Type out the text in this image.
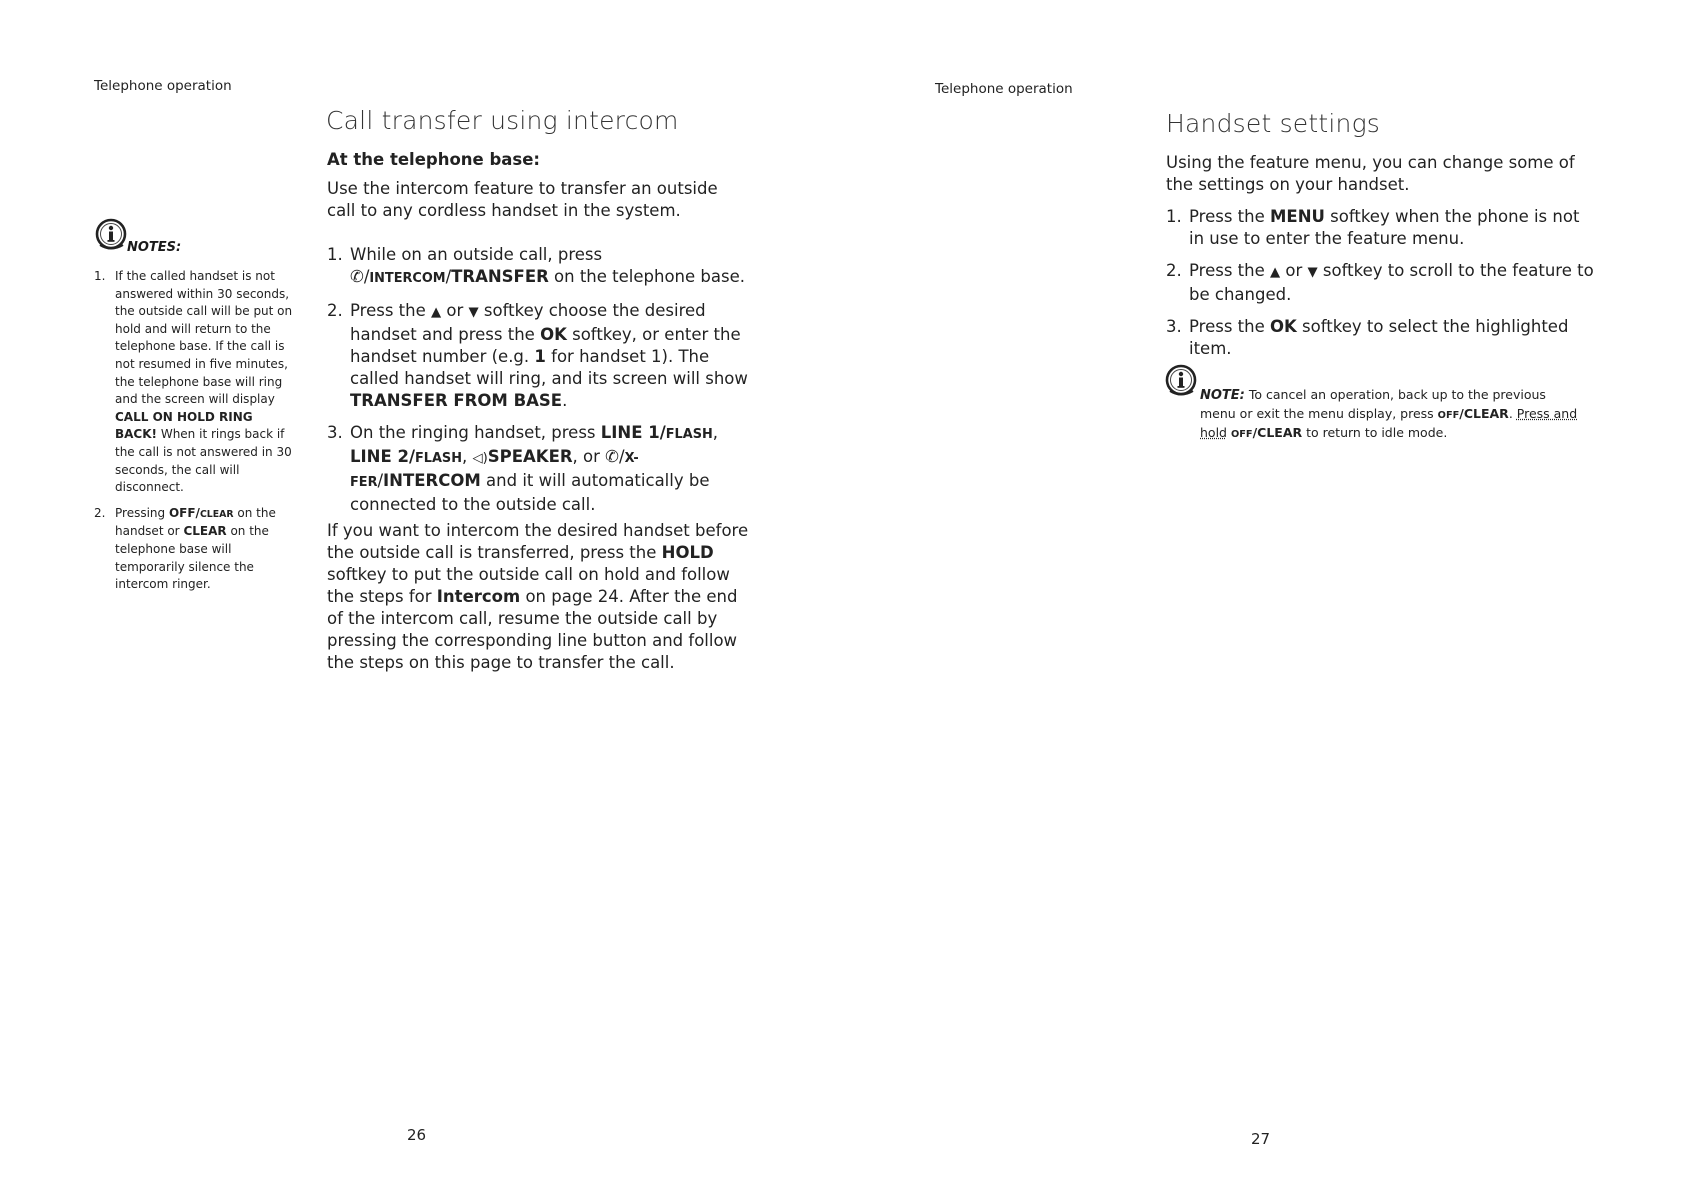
Telephone operation
Call transfer using intercom
At the telephone base:
Use the intercom feature to transfer an outside call to any cordless handset in the system.
1. While on an outside call, press ✆/INTERCOM/TRANSFER on the telephone base.
2. Press the ▲ or ▼ softkey choose the desired handset and press the OK softkey, or enter the handset number (e.g. 1 for handset 1). The called handset will ring, and its screen will show TRANSFER FROM BASE.
3. On the ringing handset, press LINE 1/FLASH, LINE 2/FLASH, ◁)SPEAKER, or ✆/X-FER/INTERCOM and it will automatically be connected to the outside call.
If you want to intercom the desired handset before the outside call is transferred, press the HOLD softkey to put the outside call on hold and follow the steps for Intercom on page 24. After the end of the intercom call, resume the outside call by pressing the corresponding line button and follow the steps on this page to transfer the call.
NOTES:
1. If the called handset is not answered within 30 seconds, the outside call will be put on hold and will return to the telephone base. If the call is not resumed in five minutes, the telephone base will ring and the screen will display CALL ON HOLD RING BACK! When it rings back if the call is not answered in 30 seconds, the call will disconnect.
2. Pressing OFF/CLEAR on the handset or CLEAR on the telephone base will temporarily silence the intercom ringer.
26
Telephone operation
Handset settings
Using the feature menu, you can change some of the settings on your handset.
1. Press the MENU softkey when the phone is not in use to enter the feature menu.
2. Press the ▲ or ▼ softkey to scroll to the feature to be changed.
3. Press the OK softkey to select the highlighted item.
NOTE: To cancel an operation, back up to the previous menu or exit the menu display, press OFF/CLEAR. Press and hold OFF/CLEAR to return to idle mode.
27
